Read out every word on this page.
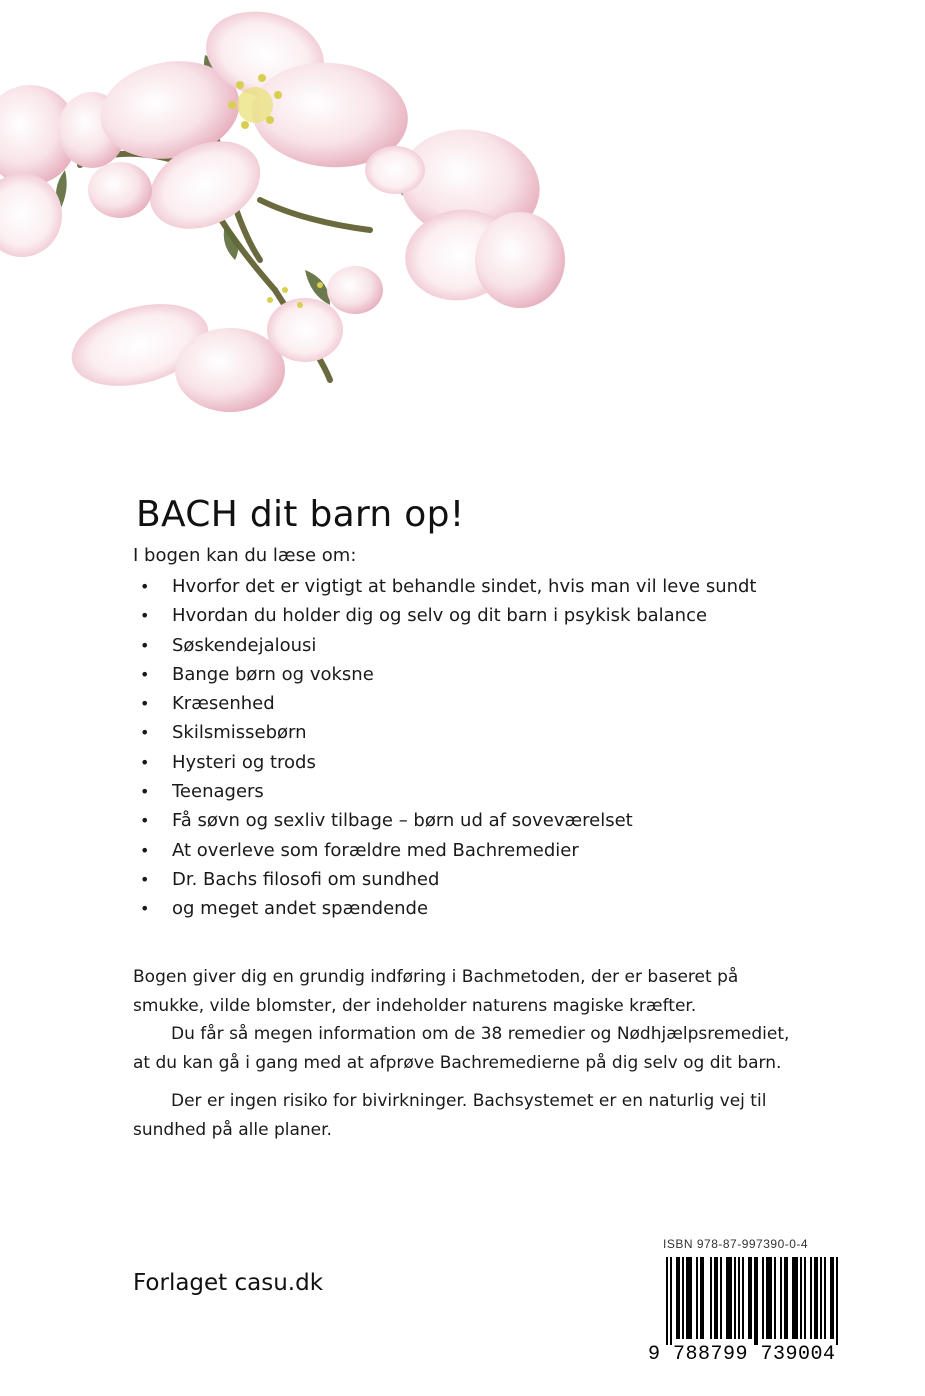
BACH dit barn op!
I bogen kan du læse om:
• Hvorfor det er vigtigt at behandle sindet, hvis man vil leve sundt
• Hvordan du holder dig og selv og dit barn i psykisk balance
• Søskendejalousi
• Bange børn og voksne
• Kræsenhed
• Skilsmissebørn
• Hysteri og trods
• Teenagers
• Få søvn og sexliv tilbage – børn ud af soveværelset
• At overleve som forældre med Bachremedier
• Dr. Bachs filosofi om sundhed
• og meget andet spændende

Bogen giver dig en grundig indføring i Bachmetoden, der er baseret på smukke, vilde blomster, der indeholder naturens magiske kræfter.

Du får så megen information om de 38 remedier og Nødhjælpsremediet, at du kan gå i gang med at afprøve Bachremedierne på dig selv og dit barn.

Der er ingen risiko for bivirkninger. Bachsystemet er en naturlig vej til sundhed på alle planer.

Forlaget casu.dk
ISBN 978-87-997390-0-4
9 788799 739004
